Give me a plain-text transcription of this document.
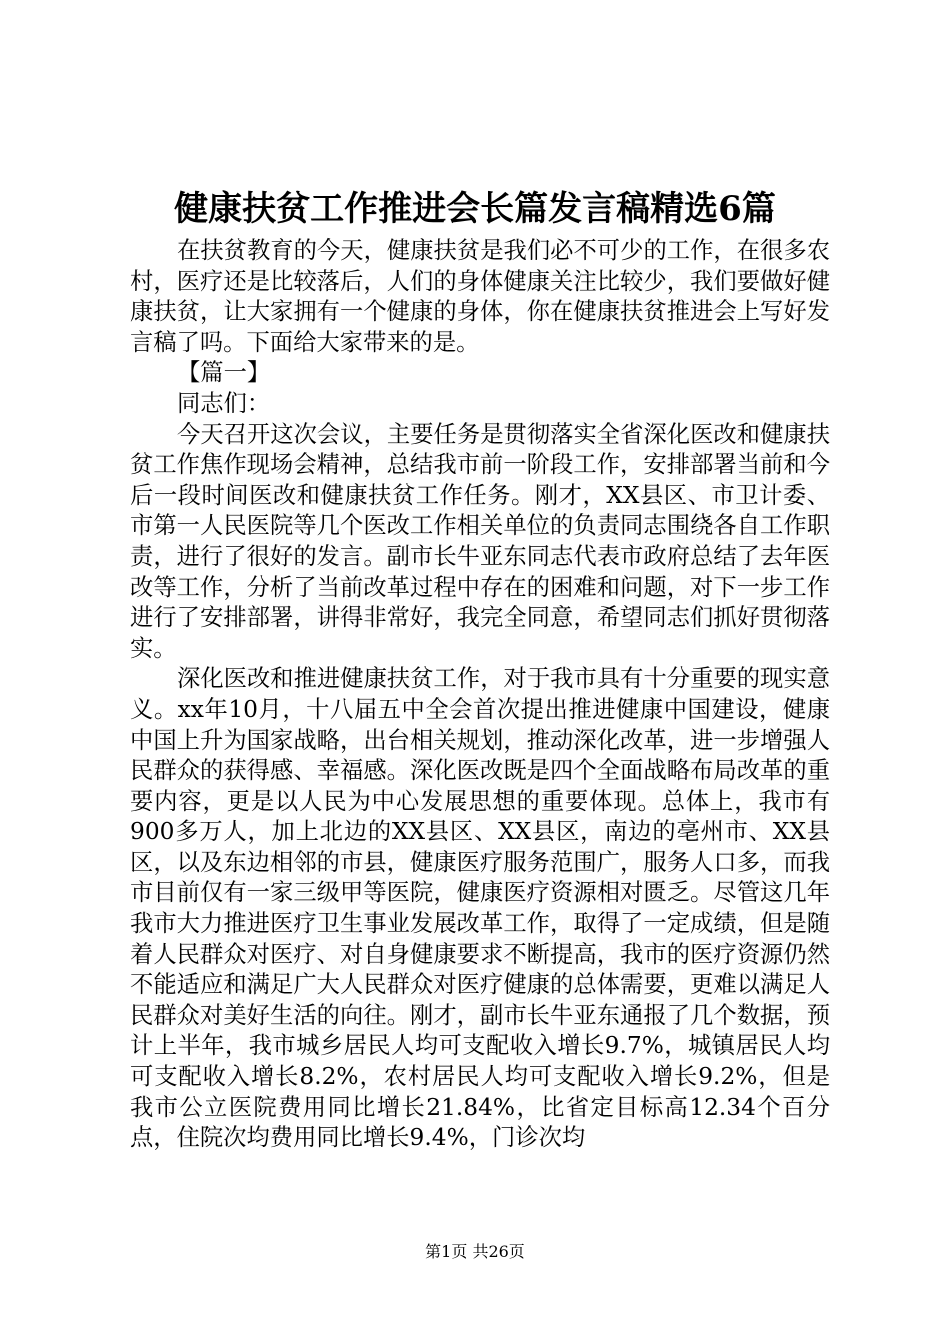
健康扶贫工作推进会长篇发言稿精选6篇

在扶贫教育的今天，健康扶贫是我们必不可少的工作，在很多农村，医疗还是比较落后，人们的身体健康关注比较少，我们要做好健康扶贫，让大家拥有一个健康的身体，你在健康扶贫推进会上写好发言稿了吗。下面给大家带来的是。

【篇一】

同志们：

今天召开这次会议，主要任务是贯彻落实全省深化医改和健康扶贫工作焦作现场会精神，总结我市前一阶段工作，安排部署当前和今后一段时间医改和健康扶贫工作任务。刚才，XX县区、市卫计委、市第一人民医院等几个医改工作相关单位的负责同志围绕各自工作职责，进行了很好的发言。副市长牛亚东同志代表市政府总结了去年医改等工作，分析了当前改革过程中存在的困难和问题，对下一步工作进行了安排部署，讲得非常好，我完全同意，希望同志们抓好贯彻落实。

深化医改和推进健康扶贫工作，对于我市具有十分重要的现实意义。xx年10月，十八届五中全会首次提出推进健康中国建设，健康中国上升为国家战略，出台相关规划，推动深化改革，进一步增强人民群众的获得感、幸福感。深化医改既是四个全面战略布局改革的重要内容，更是以人民为中心发展思想的重要体现。总体上，我市有900多万人，加上北边的XX县区、XX县区，南边的亳州市、XX县区，以及东边相邻的市县，健康医疗服务范围广，服务人口多，而我市目前仅有一家三级甲等医院，健康医疗资源相对匮乏。尽管这几年我市大力推进医疗卫生事业发展改革工作，取得了一定成绩，但是随着人民群众对医疗、对自身健康要求不断提高，我市的医疗资源仍然不能适应和满足广大人民群众对医疗健康的总体需要，更难以满足人民群众对美好生活的向往。刚才，副市长牛亚东通报了几个数据，预计上半年，我市城乡居民人均可支配收入增长9.7%，城镇居民人均可支配收入增长8.2%，农村居民人均可支配收入增长9.2%，但是我市公立医院费用同比增长21.84%，比省定目标高12.34个百分点，住院次均费用同比增长9.4%，门诊次均

第1页 共26页
